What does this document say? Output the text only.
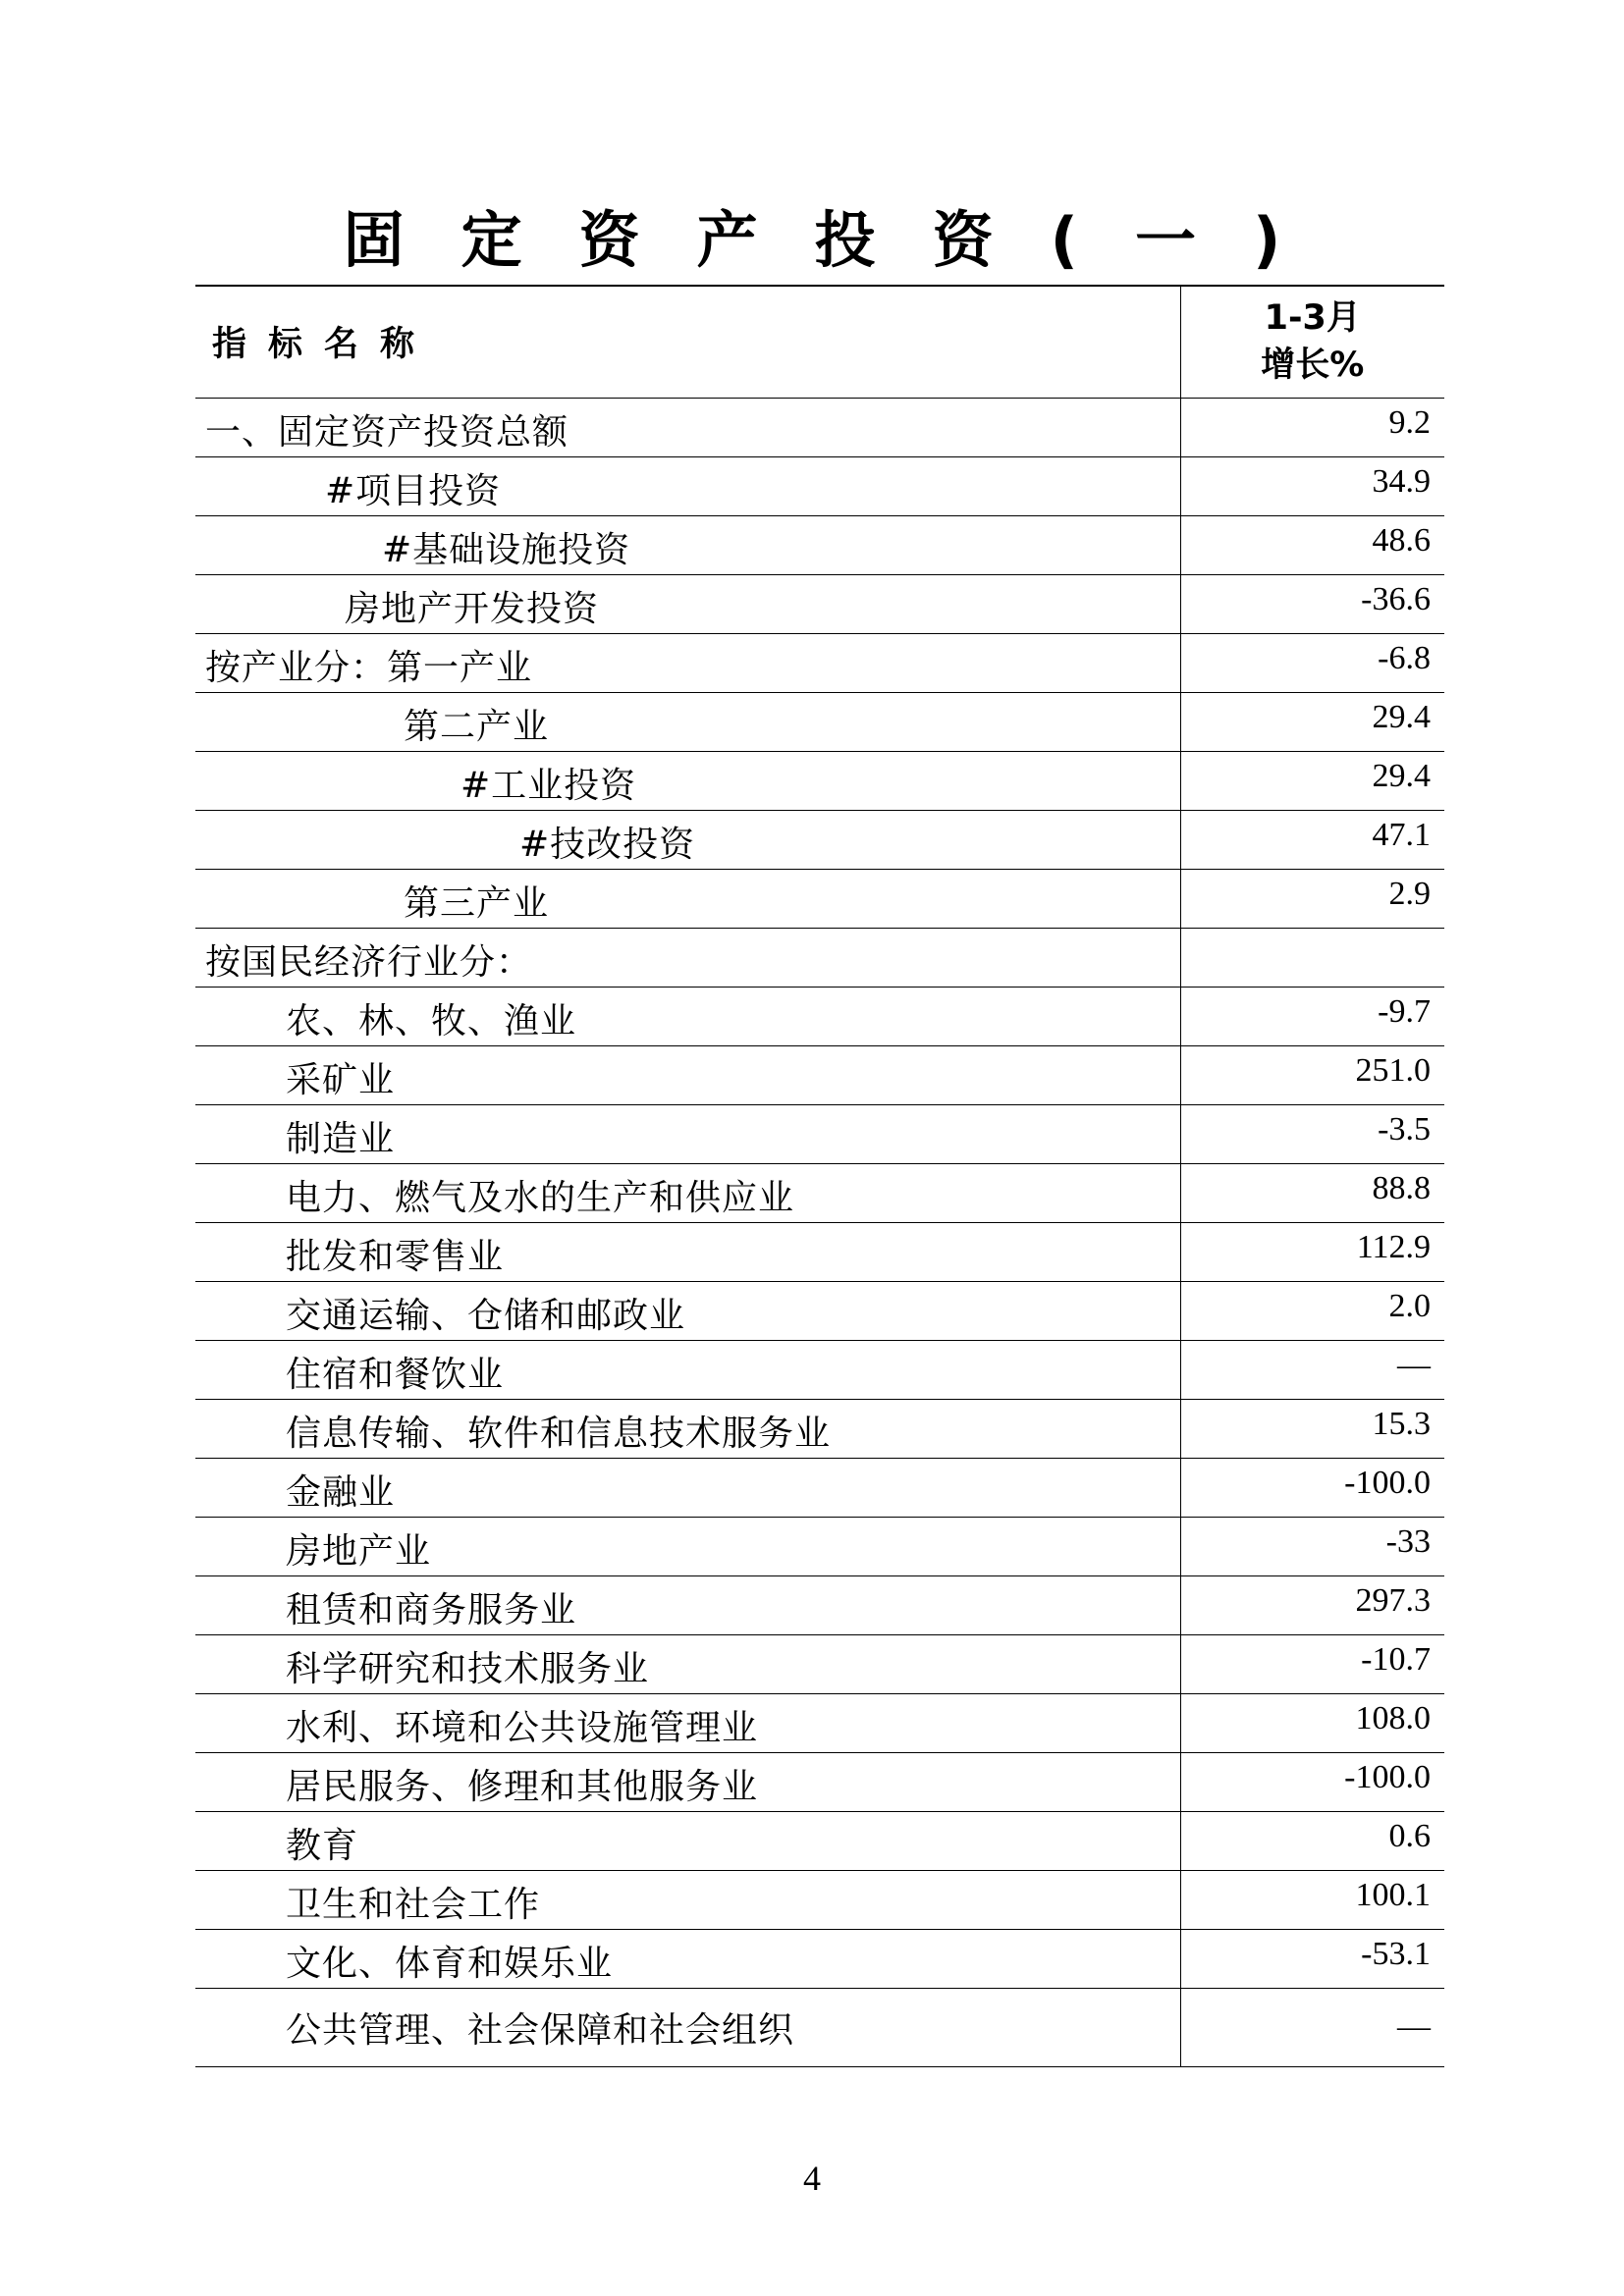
固定资产投资(一)
指标名称	1-3月
增长%

一、固定资产投资总额	9.2
#项目投资	34.9
#基础设施投资	48.6
房地产开发投资	-36.6
按产业分：第一产业	-6.8
第二产业	29.4
#工业投资	29.4
#技改投资	47.1
第三产业	2.9
按国民经济行业分：	
农、林、牧、渔业	-9.7
采矿业	251.0
制造业	-3.5
电力、燃气及水的生产和供应业	88.8
批发和零售业	112.9
交通运输、仓储和邮政业	2.0
住宿和餐饮业	—
信息传输、软件和信息技术服务业	15.3
金融业	-100.0
房地产业	-33
租赁和商务服务业	297.3
科学研究和技术服务业	-10.7
水利、环境和公共设施管理业	108.0
居民服务、修理和其他服务业	-100.0
教育	0.6
卫生和社会工作	100.1
文化、体育和娱乐业	-53.1
公共管理、社会保障和社会组织	—
4
